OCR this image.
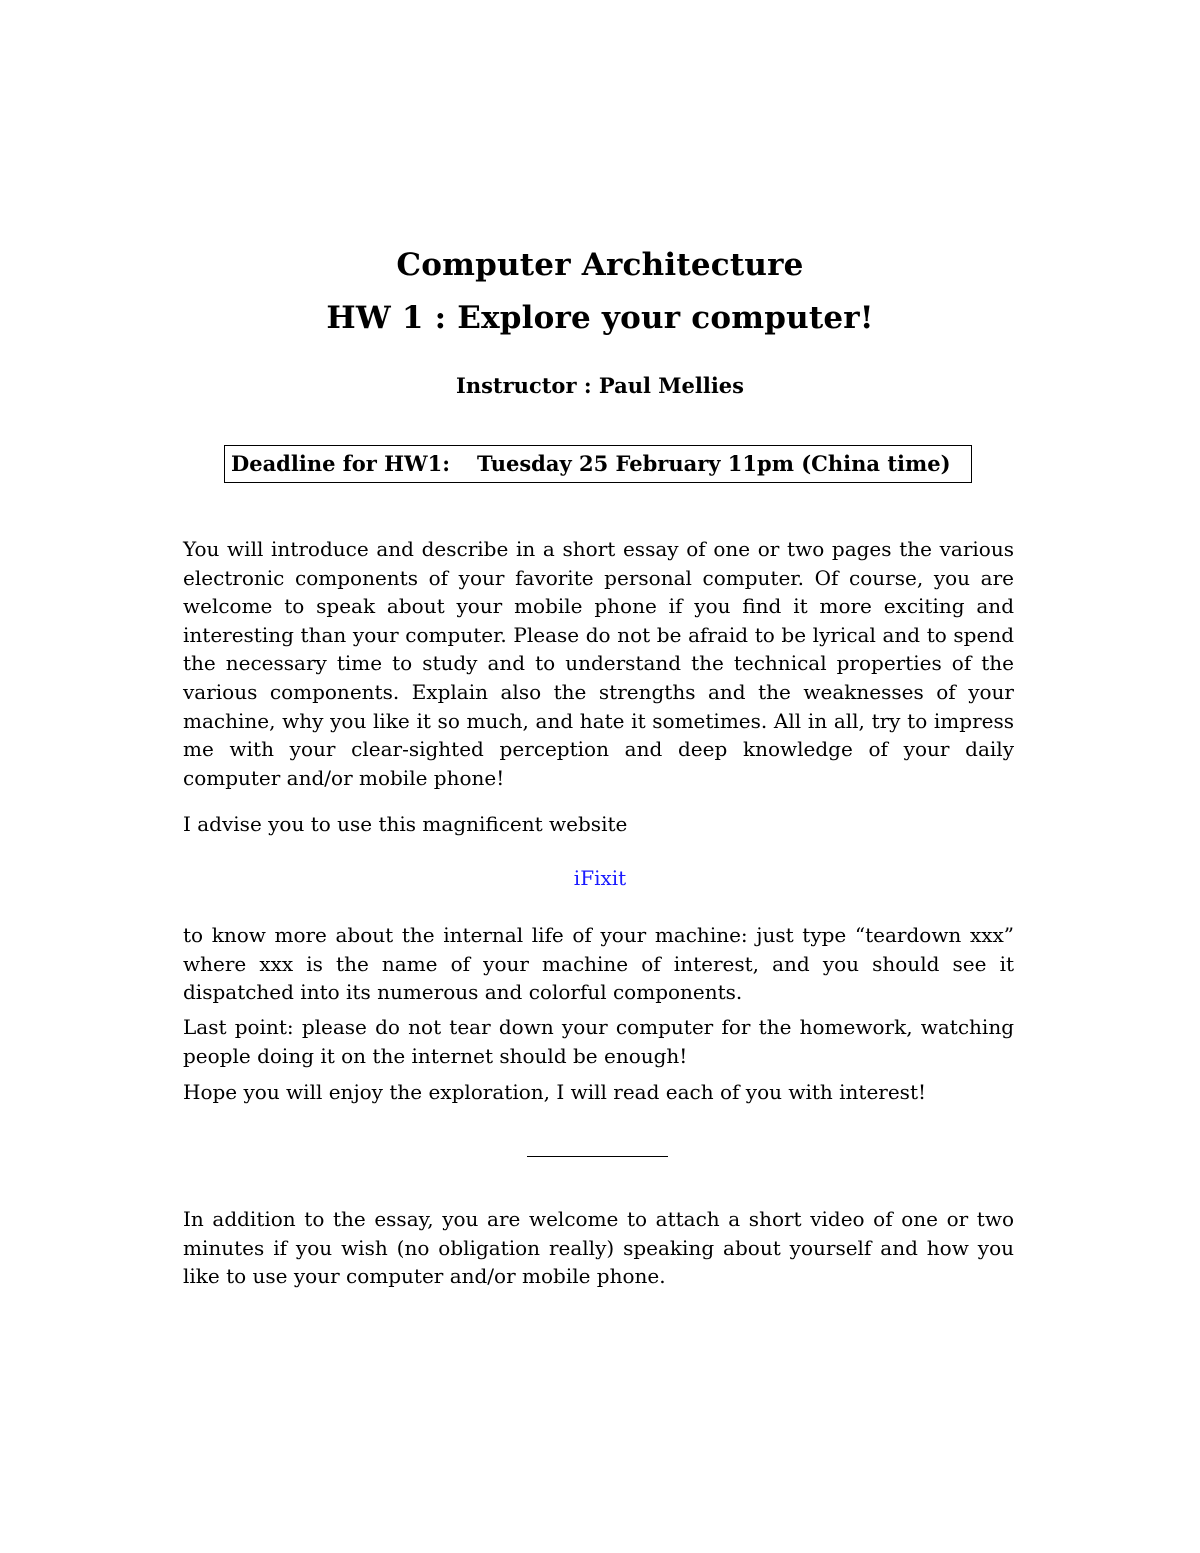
Computer Architecture
HW 1 : Explore your computer!
Instructor : Paul Mellies
Deadline for HW1: Tuesday 25 February 11pm (China time)
You will introduce and describe in a short essay of one or two pages the various electronic components of your favorite personal computer. Of course, you are welcome to speak about your mobile phone if you find it more exciting and interesting than your computer. Please do not be afraid to be lyrical and to spend the necessary time to study and to understand the technical properties of the various components. Explain also the strengths and the weaknesses of your machine, why you like it so much, and hate it sometimes. All in all, try to impress me with your clear-sighted perception and deep knowledge of your daily computer and/or mobile phone!
I advise you to use this magnificent website
iFixit
to know more about the internal life of your machine: just type “teardown xxx” where xxx is the name of your machine of interest, and you should see it dispatched into its numerous and colorful components.
Last point: please do not tear down your computer for the homework, watching people doing it on the internet should be enough!
Hope you will enjoy the exploration, I will read each of you with interest!
In addition to the essay, you are welcome to attach a short video of one or two minutes if you wish (no obligation really) speaking about yourself and how you like to use your computer and/or mobile phone.
